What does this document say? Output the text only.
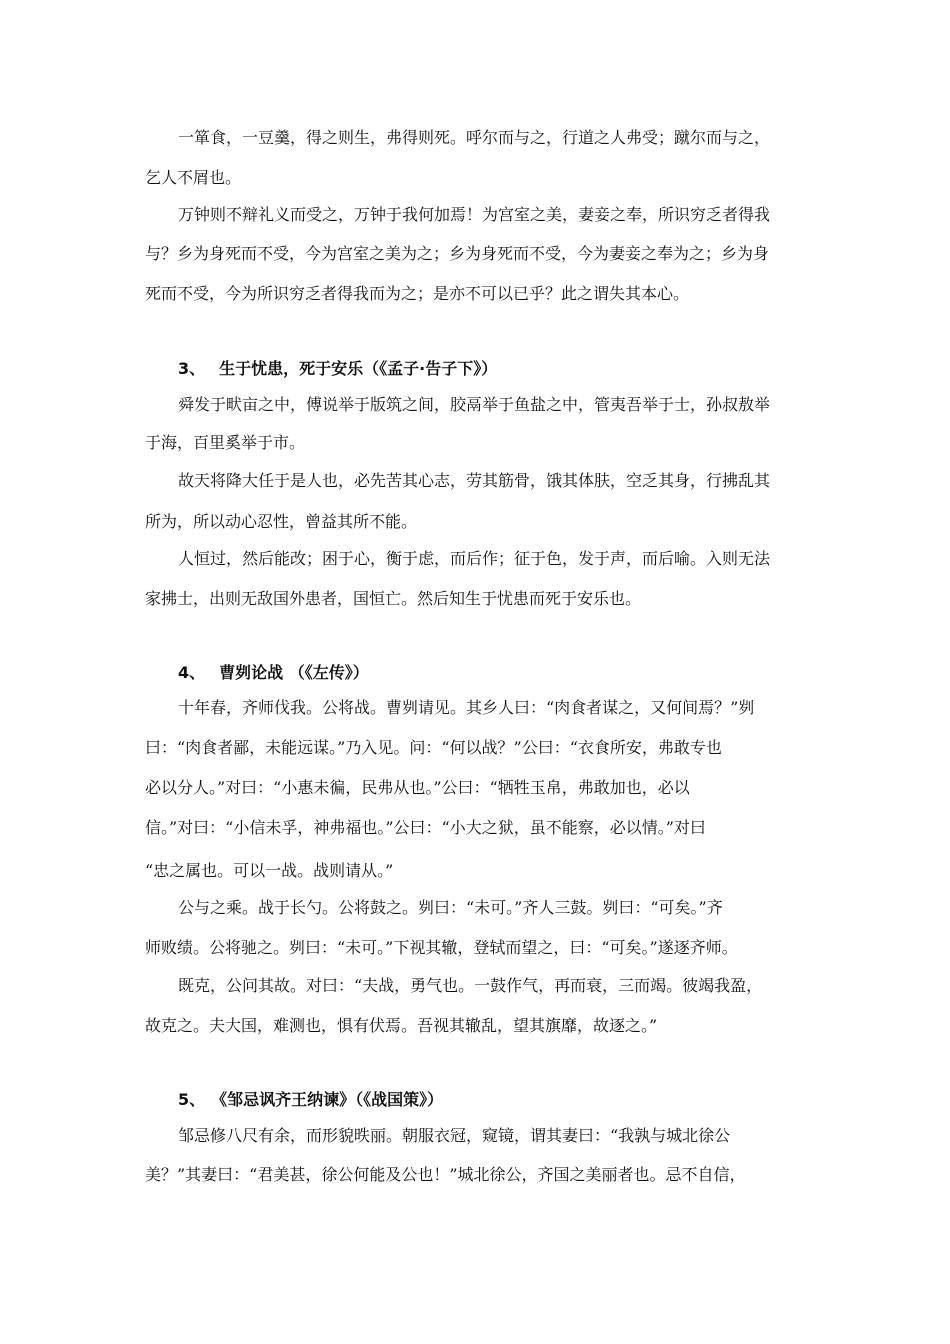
一箪食，一豆羹，得之则生，弗得则死。呼尔而与之，行道之人弗受；蹴尔而与之，
乞人不屑也。
万钟则不辩礼义而受之，万钟于我何加焉！为宫室之美，妻妾之奉，所识穷乏者得我
与？乡为身死而不受，今为宫室之美为之；乡为身死而不受，今为妻妾之奉为之；乡为身
死而不受，今为所识穷乏者得我而为之；是亦不可以已乎？此之谓失其本心。
3、 生于忧患，死于安乐（《孟子·告子下》）
舜发于畎亩之中，傅说举于版筑之间，胶鬲举于鱼盐之中，管夷吾举于士，孙叔敖举
于海，百里奚举于市。
故天将降大任于是人也，必先苦其心志，劳其筋骨，饿其体肤，空乏其身，行拂乱其
所为，所以动心忍性，曾益其所不能。
人恒过，然后能改；困于心，衡于虑，而后作；征于色，发于声，而后喻。入则无法
家拂士，出则无敌国外患者，国恒亡。然后知生于忧患而死于安乐也。
4、 曹刿论战 （《左传》）
十年春，齐师伐我。公将战。曹刿请见。其乡人曰：“肉食者谋之，又何间焉？”刿
曰：“肉食者鄙，未能远谋。”乃入见。问：“何以战？”公曰：“衣食所安，弗敢专也
必以分人。”对曰：“小惠未徧，民弗从也。”公曰：“牺牲玉帛，弗敢加也，必以
信。”对曰：“小信未孚，神弗福也。”公曰：“小大之狱，虽不能察，必以情。”对曰
“忠之属也。可以一战。战则请从。”
公与之乘。战于长勺。公将鼓之。刿曰：“未可。”齐人三鼓。刿曰：“可矣。”齐
师败绩。公将驰之。刿曰：“未可。”下视其辙，登轼而望之，曰：“可矣。”遂逐齐师。
既克，公问其故。对曰：“夫战，勇气也。一鼓作气，再而衰，三而竭。彼竭我盈，
故克之。夫大国，难测也，惧有伏焉。吾视其辙乱，望其旗靡，故逐之。”
5、 《邹忌讽齐王纳谏》（《战国策》）
邹忌修八尺有余，而形貌昳丽。朝服衣冠，窥镜，谓其妻曰：“我孰与城北徐公
美？”其妻曰：“君美甚，徐公何能及公也！”城北徐公，齐国之美丽者也。忌不自信，
